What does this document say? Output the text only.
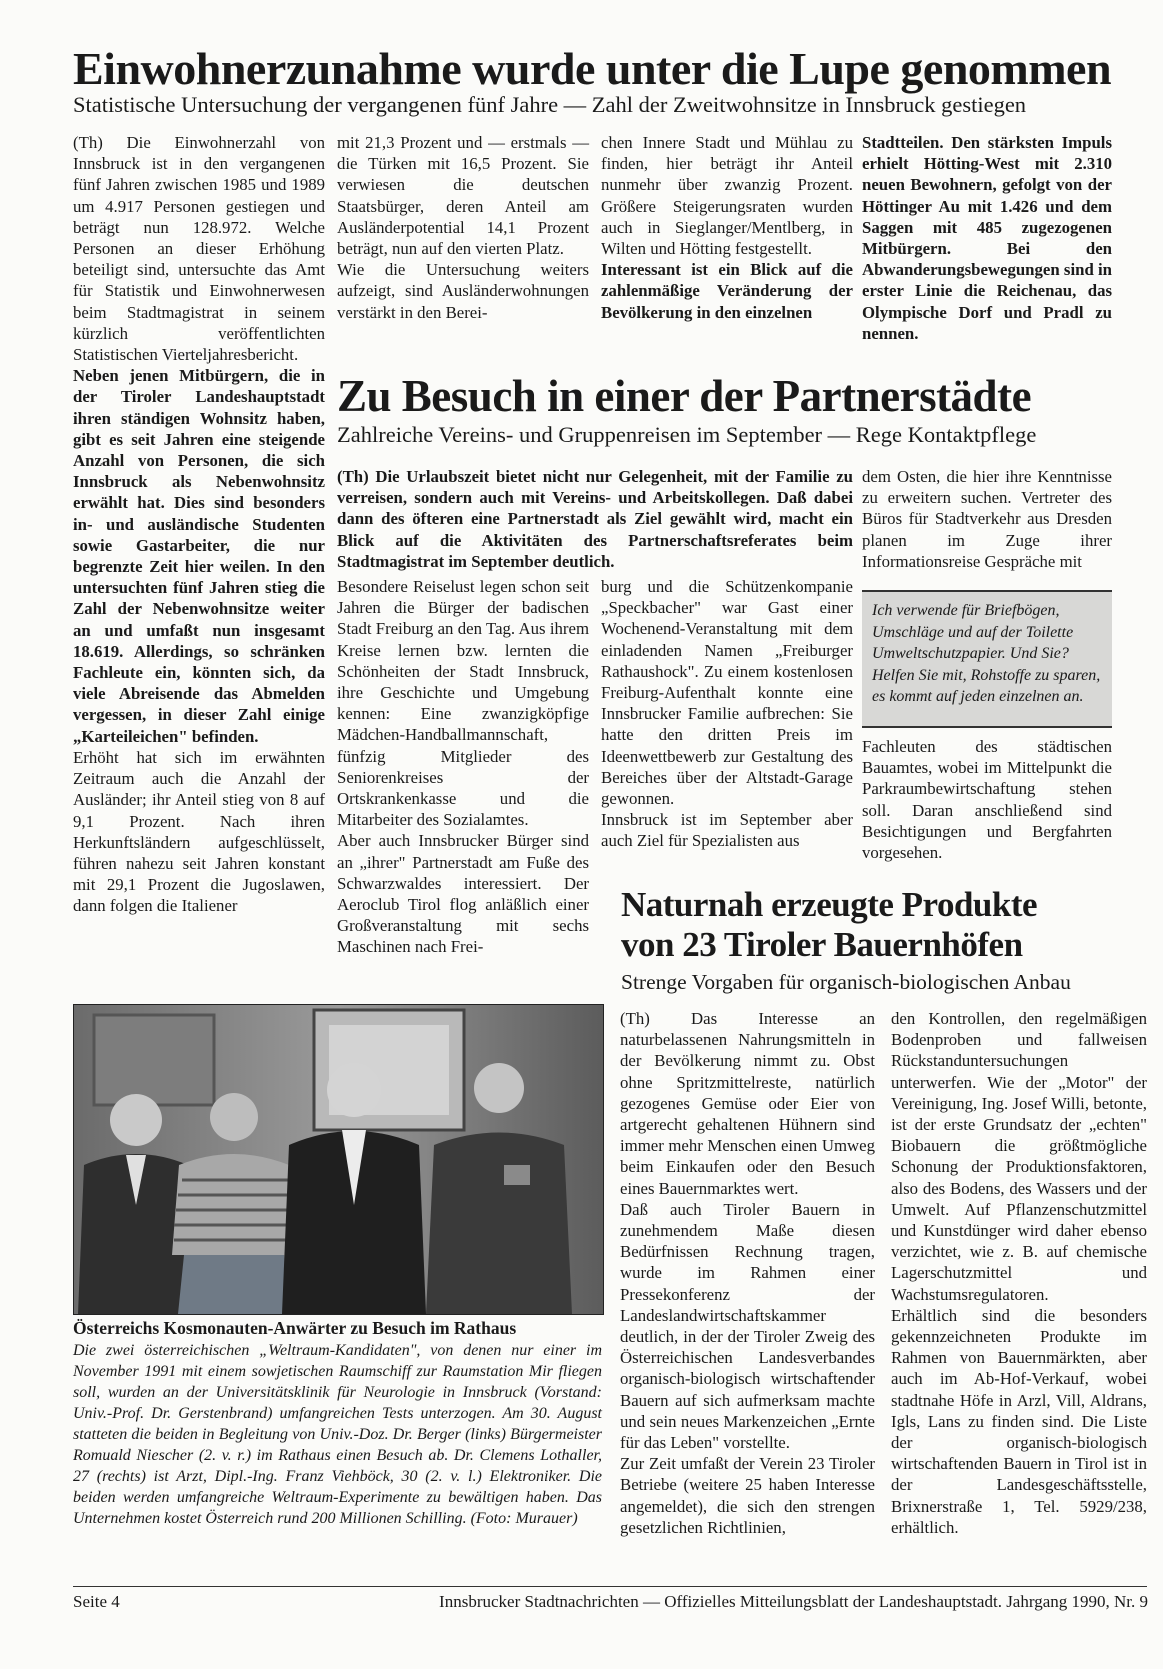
Einwohnerzunahme wurde unter die Lupe genommen
Statistische Untersuchung der vergangenen fünf Jahre — Zahl der Zweitwohnsitze in Innsbruck gestiegen

(Th) Die Einwohnerzahl von Innsbruck ist in den vergangenen fünf Jahren zwischen 1985 und 1989 um 4.917 Personen gestiegen und beträgt nun 128.972. Welche Personen an dieser Erhöhung beteiligt sind, untersuchte das Amt für Statistik und Einwohnerwesen beim Stadtmagistrat in seinem kürzlich veröffentlichten Statistischen Vierteljahresbericht.

Neben jenen Mitbürgern, die in der Tiroler Landeshauptstadt ihren ständigen Wohnsitz haben, gibt es seit Jahren eine steigende Anzahl von Personen, die sich Innsbruck als Nebenwohnsitz erwählt hat. Dies sind besonders in- und ausländische Studenten sowie Gastarbeiter, die nur begrenzte Zeit hier weilen. In den untersuchten fünf Jahren stieg die Zahl der Nebenwohnsitze weiter an und umfaßt nun insgesamt 18.619. Allerdings, so schränken Fachleute ein, könnten sich, da viele Abreisende das Abmelden vergessen, in dieser Zahl einige „Karteileichen" befinden.

Erhöht hat sich im erwähnten Zeitraum auch die Anzahl der Ausländer; ihr Anteil stieg von 8 auf 9,1 Prozent. Nach ihren Herkunftsländern aufgeschlüsselt, führen nahezu seit Jahren konstant mit 29,1 Prozent die Jugoslawen, dann folgen die Italiener

mit 21,3 Prozent und — erstmals — die Türken mit 16,5 Prozent. Sie verwiesen die deutschen Staatsbürger, deren Anteil am Ausländerpotential 14,1 Prozent beträgt, nun auf den vierten Platz.

Wie die Untersuchung weiters aufzeigt, sind Ausländerwohnungen verstärkt in den Berei-

chen Innere Stadt und Mühlau zu finden, hier beträgt ihr Anteil nunmehr über zwanzig Prozent. Größere Steigerungsraten wurden auch in Sieglanger/Mentlberg, in Wilten und Hötting festgestellt.

Interessant ist ein Blick auf die zahlenmäßige Veränderung der Bevölkerung in den einzelnen

Stadtteilen. Den stärksten Impuls erhielt Hötting-West mit 2.310 neuen Bewohnern, gefolgt von der Höttinger Au mit 1.426 und dem Saggen mit 485 zugezogenen Mitbürgern. Bei den Abwanderungsbewegungen sind in erster Linie die Reichenau, das Olympische Dorf und Pradl zu nennen.

Zu Besuch in einer der Partnerstädte
Zahlreiche Vereins- und Gruppenreisen im September — Rege Kontaktpflege

(Th) Die Urlaubszeit bietet nicht nur Gelegenheit, mit der Familie zu verreisen, sondern auch mit Vereins- und Arbeitskollegen. Daß dabei dann des öfteren eine Partnerstadt als Ziel gewählt wird, macht ein Blick auf die Aktivitäten des Partnerschaftsreferates beim Stadtmagistrat im September deutlich.

Besondere Reiselust legen schon seit Jahren die Bürger der badischen Stadt Freiburg an den Tag. Aus ihrem Kreise lernen bzw. lernten die Schönheiten der Stadt Innsbruck, ihre Geschichte und Umgebung kennen: Eine zwanzigköpfige Mädchen-Handballmannschaft, fünfzig Mitglieder des Seniorenkreises der Ortskrankenkasse und die Mitarbeiter des Sozialamtes.

Aber auch Innsbrucker Bürger sind an „ihrer" Partnerstadt am Fuße des Schwarzwaldes interessiert. Der Aeroclub Tirol flog anläßlich einer Großveranstaltung mit sechs Maschinen nach Frei-

burg und die Schützenkompanie „Speckbacher" war Gast einer Wochenend-Veranstaltung mit dem einladenden Namen „Freiburger Rathaushock". Zu einem kostenlosen Freiburg-Aufenthalt konnte eine Innsbrucker Familie aufbrechen: Sie hatte den dritten Preis im Ideenwettbewerb zur Gestaltung des Bereiches über der Altstadt-Garage gewonnen.

Innsbruck ist im September aber auch Ziel für Spezialisten aus

dem Osten, die hier ihre Kenntnisse zu erweitern suchen. Vertreter des Büros für Stadtverkehr aus Dresden planen im Zuge ihrer Informationsreise Gespräche mit

Ich verwende für Briefbögen, Umschläge und auf der Toilette Umweltschutzpapier. Und Sie? Helfen Sie mit, Rohstoffe zu sparen, es kommt auf jeden einzelnen an.

Fachleuten des städtischen Bauamtes, wobei im Mittelpunkt die Parkraumbewirtschaftung stehen soll. Daran anschließend sind Besichtigungen und Bergfahrten vorgesehen.

Österreichs Kosmonauten-Anwärter zu Besuch im Rathaus
Die zwei österreichischen „Weltraum-Kandidaten", von denen nur einer im November 1991 mit einem sowjetischen Raumschiff zur Raumstation Mir fliegen soll, wurden an der Universitätsklinik für Neurologie in Innsbruck (Vorstand: Univ.-Prof. Dr. Gerstenbrand) umfangreichen Tests unterzogen. Am 30. August statteten die beiden in Begleitung von Univ.-Doz. Dr. Berger (links) Bürgermeister Romuald Niescher (2. v. r.) im Rathaus einen Besuch ab. Dr. Clemens Lothaller, 27 (rechts) ist Arzt, Dipl.-Ing. Franz Viehböck, 30 (2. v. l.) Elektroniker. Die beiden werden umfangreiche Weltraum-Experimente zu bewältigen haben. Das Unternehmen kostet Österreich rund 200 Millionen Schilling. (Foto: Murauer)
Naturnah erzeugte Produkte
von 23 Tiroler Bauernhöfen
Strenge Vorgaben für organisch-biologischen Anbau

(Th) Das Interesse an naturbelassenen Nahrungsmitteln in der Bevölkerung nimmt zu. Obst ohne Spritzmittelreste, natürlich gezogenes Gemüse oder Eier von artgerecht gehaltenen Hühnern sind immer mehr Menschen einen Umweg beim Einkaufen oder den Besuch eines Bauernmarktes wert.

Daß auch Tiroler Bauern in zunehmendem Maße diesen Bedürfnissen Rechnung tragen, wurde im Rahmen einer Pressekonferenz der Landeslandwirtschaftskammer deutlich, in der der Tiroler Zweig des Österreichischen Landesverbandes organisch-biologisch wirtschaftender Bauern auf sich aufmerksam machte und sein neues Markenzeichen „Ernte für das Leben" vorstellte.

Zur Zeit umfaßt der Verein 23 Tiroler Betriebe (weitere 25 haben Interesse angemeldet), die sich den strengen gesetzlichen Richtlinien,

den Kontrollen, den regelmäßigen Bodenproben und fallweisen Rückstanduntersuchungen unterwerfen. Wie der „Motor" der Vereinigung, Ing. Josef Willi, betonte, ist der erste Grundsatz der „echten" Biobauern die größtmögliche Schonung der Produktionsfaktoren, also des Bodens, des Wassers und der Umwelt. Auf Pflanzenschutzmittel und Kunstdünger wird daher ebenso verzichtet, wie z. B. auf chemische Lagerschutzmittel und Wachstumsregulatoren.

Erhältlich sind die besonders gekennzeichneten Produkte im Rahmen von Bauernmärkten, aber auch im Ab-Hof-Verkauf, wobei stadtnahe Höfe in Arzl, Vill, Aldrans, Igls, Lans zu finden sind. Die Liste der organisch-biologisch wirtschaftenden Bauern in Tirol ist in der Landesgeschäftsstelle, Brixnerstraße 1, Tel. 5929/238, erhältlich.

Seite 4	Innsbrucker Stadtnachrichten — Offizielles Mitteilungsblatt der Landeshauptstadt. Jahrgang 1990, Nr. 9
